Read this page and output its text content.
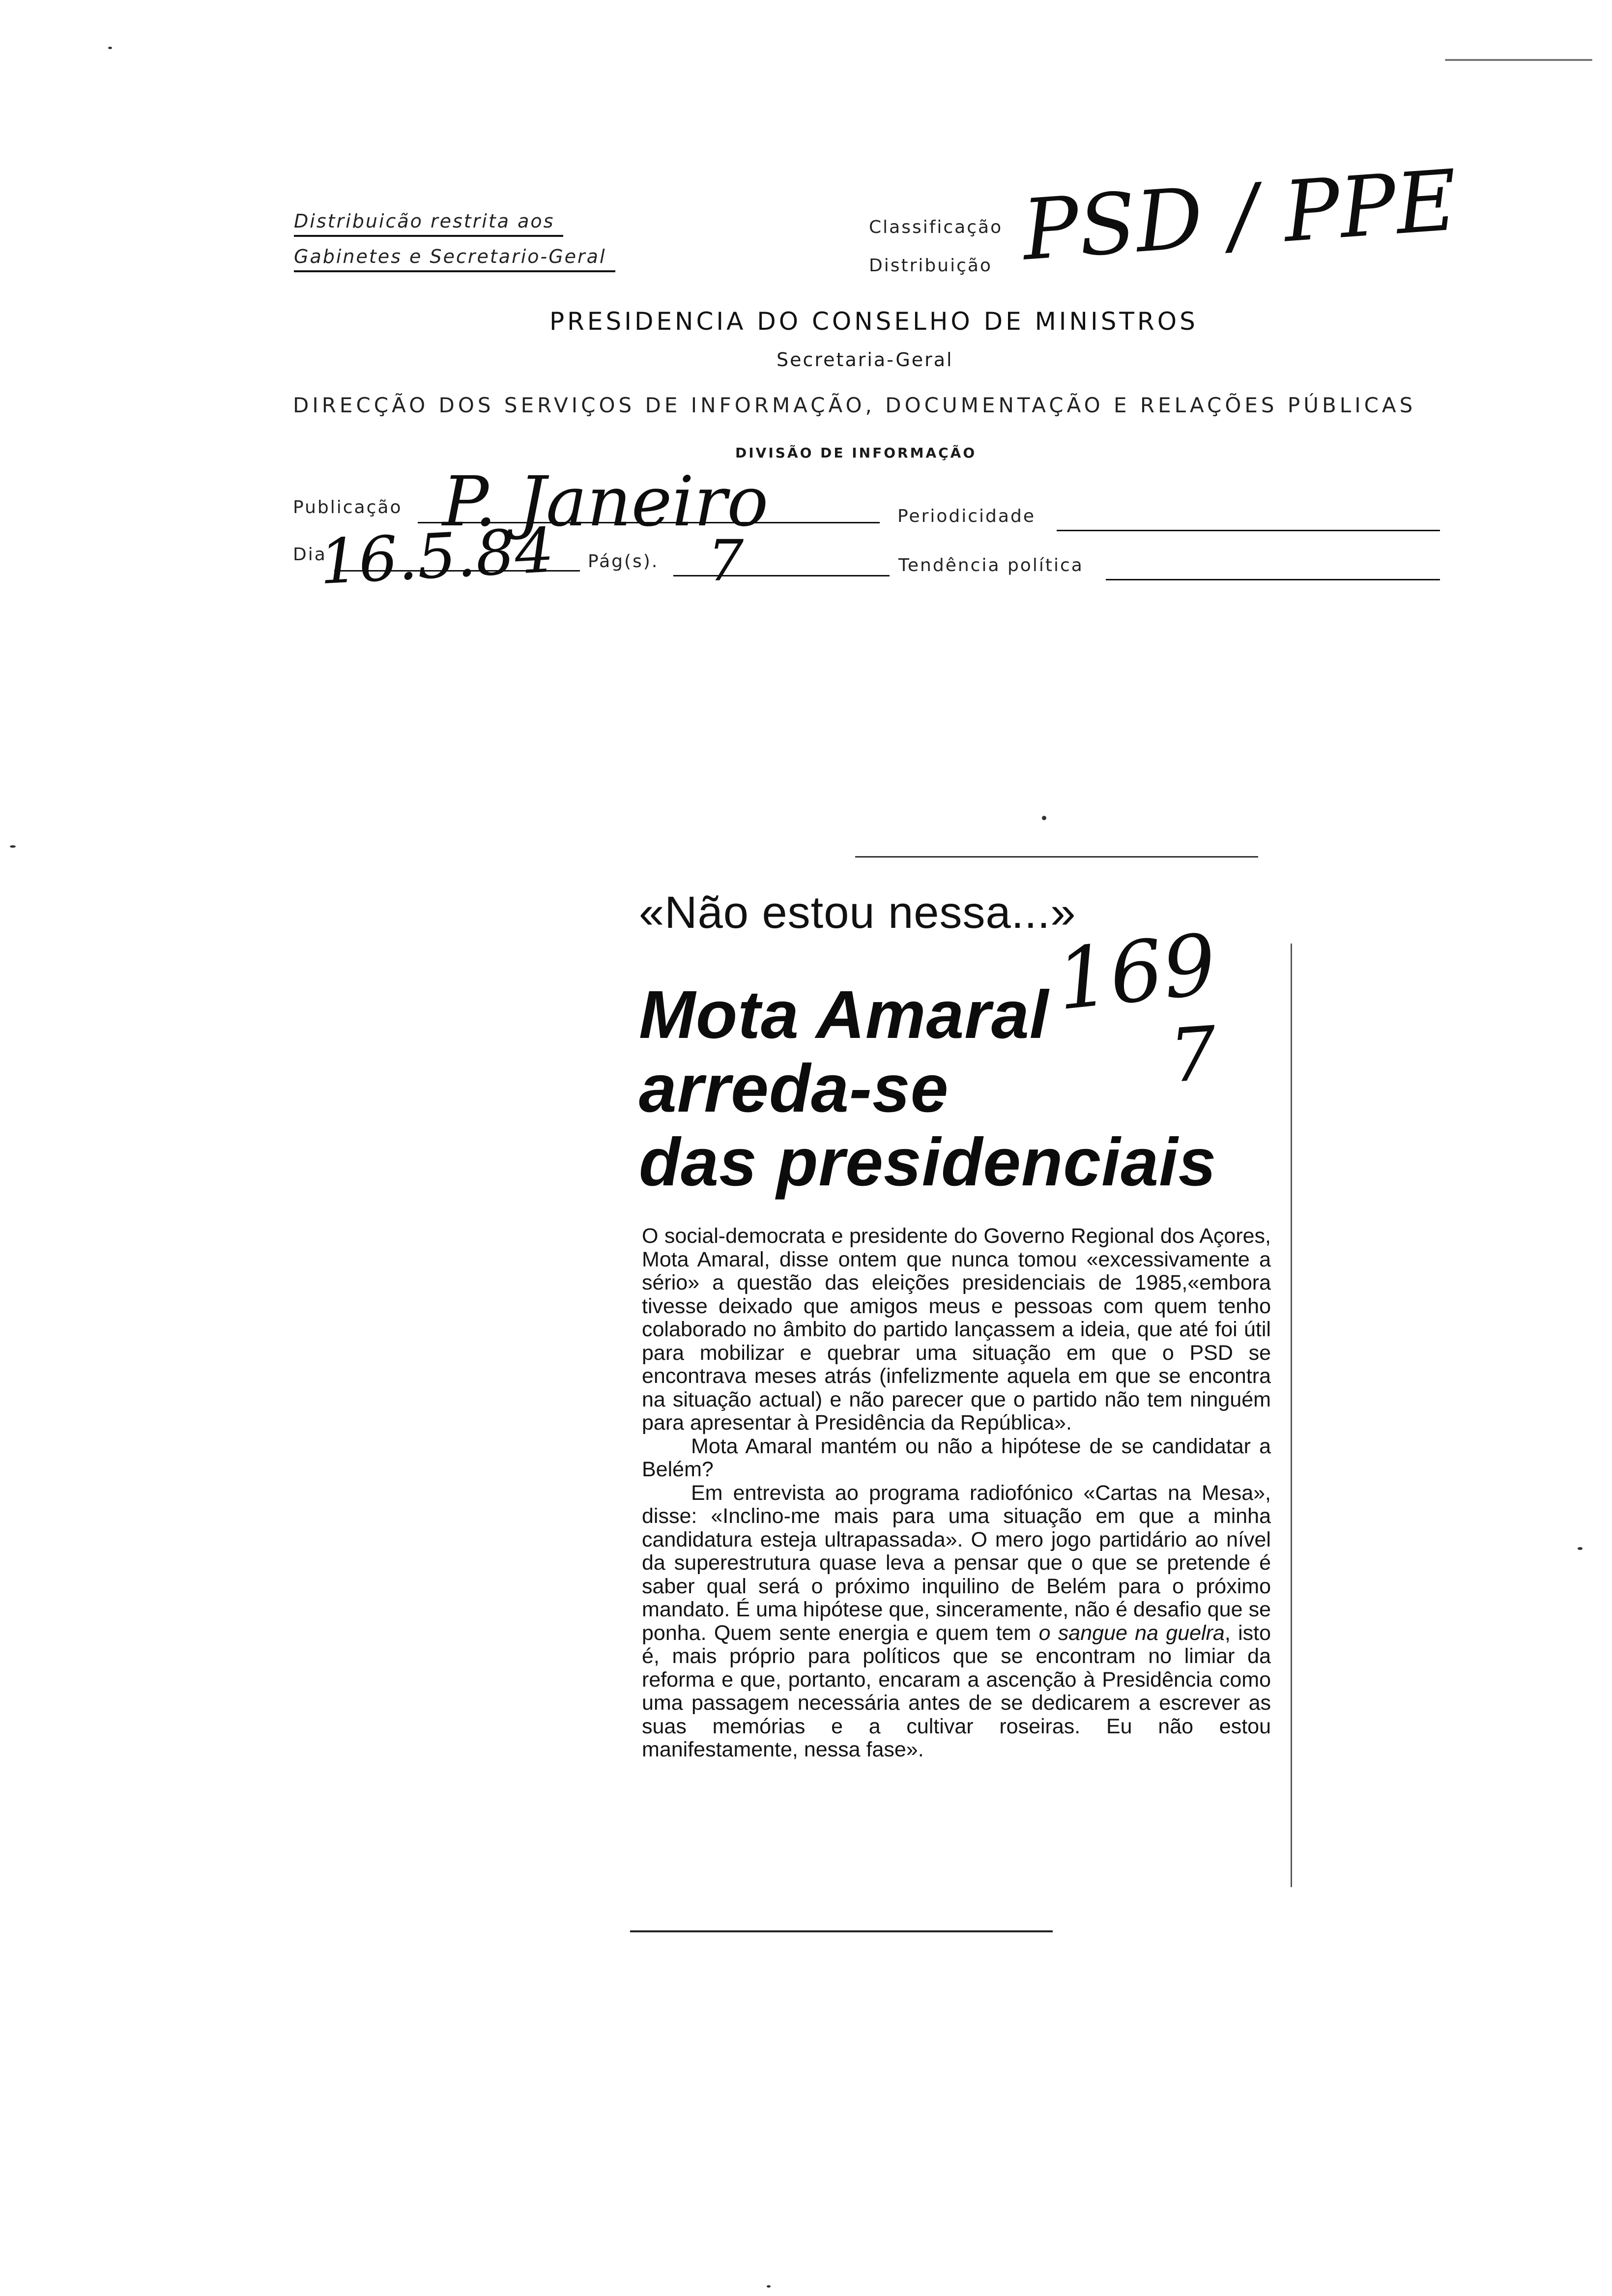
Distribuicão restrita aos
Gabinetes e Secretario-Geral
Classificação
Distribuição PSD / PPE
PRESIDENCIA DO CONSELHO DE MINISTROS
Secretaria-Geral
DIRECÇÃO DOS SERVIÇOS DE INFORMAÇÃO, DOCUMENTAÇÃO E RELAÇÕES PÚBLICAS
DIVISÃO DE INFORMAÇÃO
Publicação P. Janeiro	Periodicidade
Dia
16.5.84 Pág(s). 7	Tendência política
«Não estou nessa...»
Mota Amaral
arreda-se
das presidenciais
169
7

O social-democrata e presidente do Governo Regional dos Açores, Mota Amaral, disse ontem que nunca tomou «excessivamente a sério» a questão das eleições presidenciais de 1985,«embora tivesse deixado que amigos meus e pessoas com quem tenho colaborado no âmbito do partido lançassem a ideia, que até foi útil para mobilizar e quebrar uma situação em que o PSD se encontrava meses atrás (infelizmente aquela em que se encontra na situação actual) e não parecer que o partido não tem ninguém para apresentar à Presidência da República».

Mota Amaral mantém ou não a hipótese de se candidatar a Belém?

Em entrevista ao programa radiofónico «Cartas na Mesa», disse: «Inclino-me mais para uma situação em que a minha candidatura esteja ultrapassada». O mero jogo partidário ao nível da superestrutura quase leva a pensar que o que se pretende é saber qual será o próximo inquilino de Belém para o próximo mandato. É uma hipótese que, sinceramente, não é desafio que se ponha. Quem sente energia e quem tem o sangue na guelra, isto é, mais próprio para políticos que se encontram no limiar da reforma e que, portanto, encaram a ascenção à Presidência como uma passagem necessária antes de se dedicarem a escrever as suas memórias e a cultivar roseiras. Eu não estou manifestamente, nessa fase».
